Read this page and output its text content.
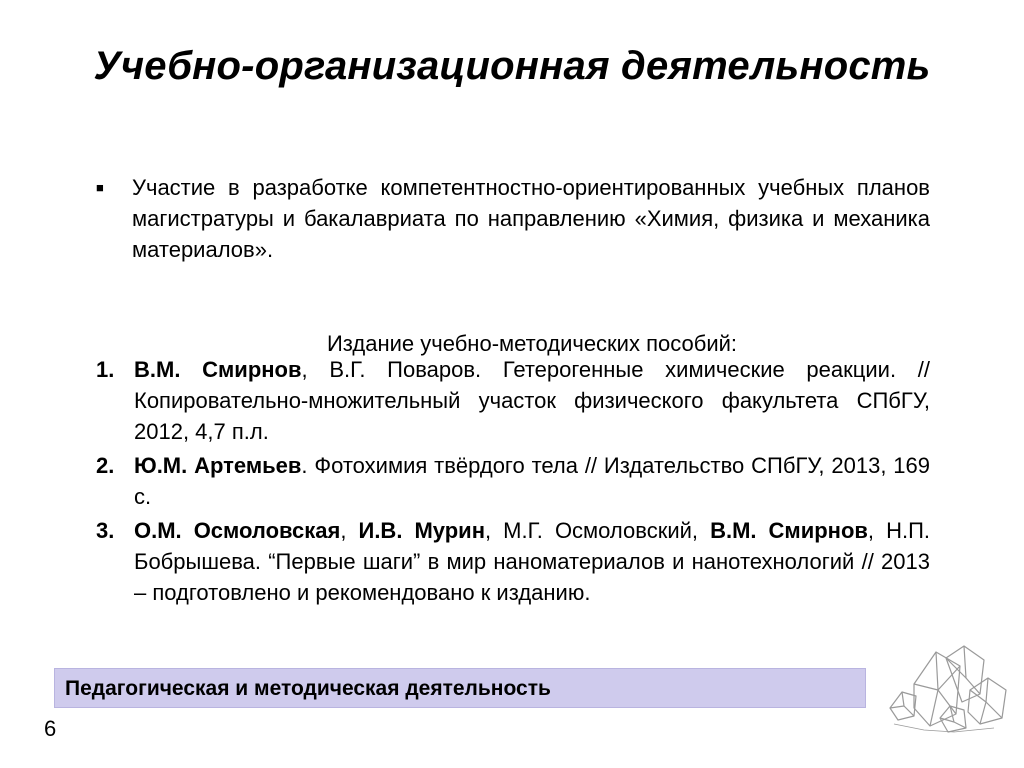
Учебно-организационная деятельность
■	Участие в разработке компетентностно-ориентированных учебных планов магистратуры и бакалавриата по направлению «Химия, физика и механика материалов».
Издание учебно-методических пособий:
1. В.М. Смирнов, В.Г. Поваров. Гетерогенные химические реакции. // Копировательно-множительный участок физического факультета СПбГУ, 2012, 4,7 п.л.
2. Ю.М. Артемьев. Фотохимия твёрдого тела // Издательство СПбГУ, 2013, 169 с.
3. О.М. Осмоловская, И.В. Мурин, М.Г. Осмоловский, В.М. Смирнов, Н.П. Бобрышева. “Первые шаги” в мир наноматериалов и нанотехнологий // 2013 – подготовлено и рекомендовано к изданию.
Педагогическая и методическая деятельность
6
